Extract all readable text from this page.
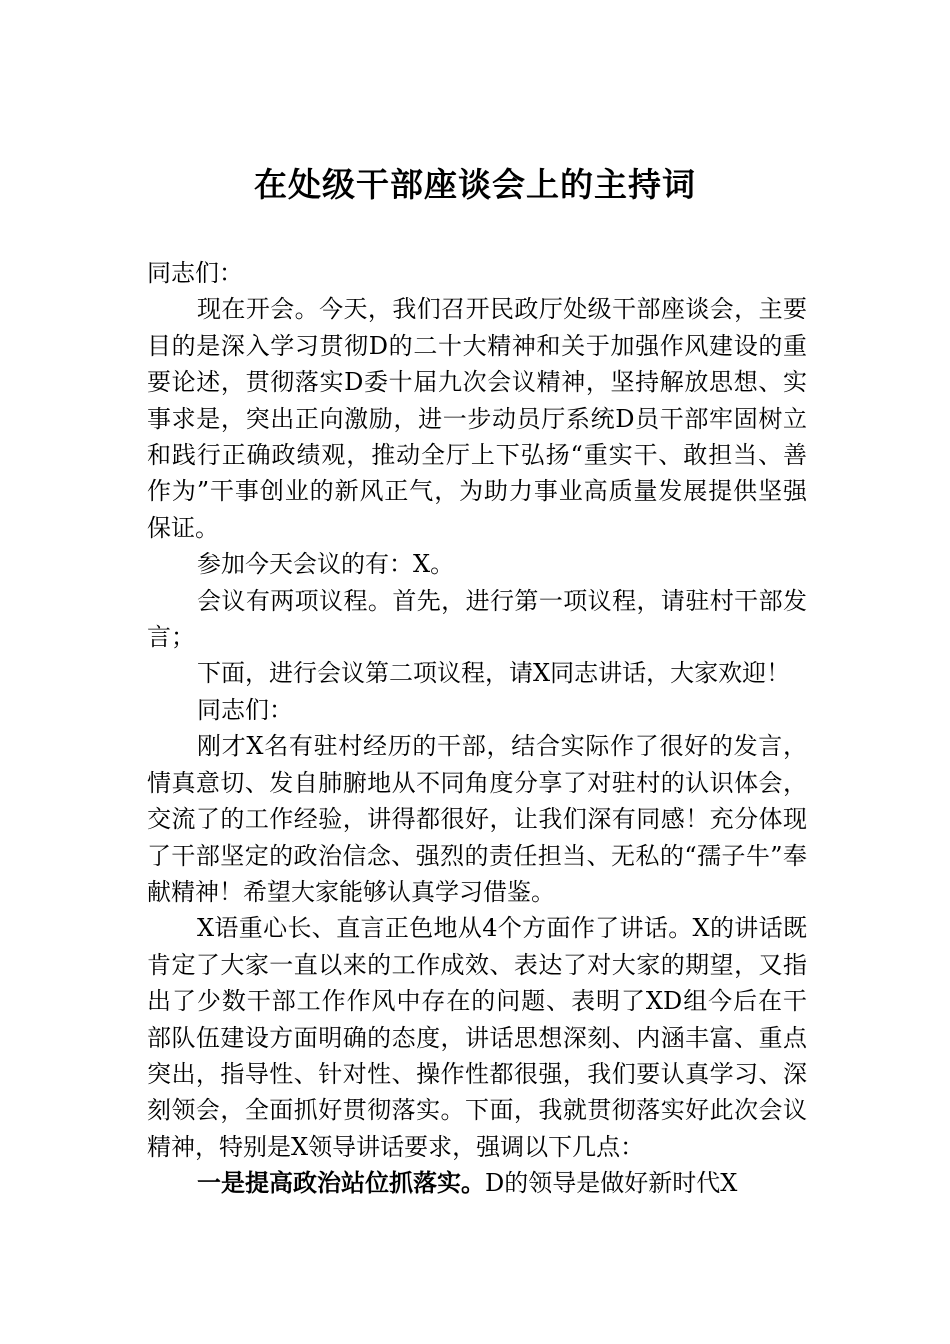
在处级干部座谈会上的主持词

同志们：

现在开会。今天，我们召开民政厅处级干部座谈会，主要目的是深入学习贯彻D的二十大精神和关于加强作风建设的重要论述，贯彻落实D委十届九次会议精神，坚持解放思想、实事求是，突出正向激励，进一步动员厅系统D员干部牢固树立和践行正确政绩观，推动全厅上下弘扬“重实干、敢担当、善作为”干事创业的新风正气，为助力事业高质量发展提供坚强保证。

参加今天会议的有：X。

会议有两项议程。首先，进行第一项议程，请驻村干部发言；

下面，进行会议第二项议程，请X同志讲话，大家欢迎！

同志们：

刚才X名有驻村经历的干部，结合实际作了很好的发言，情真意切、发自肺腑地从不同角度分享了对驻村的认识体会，交流了的工作经验，讲得都很好，让我们深有同感！充分体现了干部坚定的政治信念、强烈的责任担当、无私的“孺子牛”奉献精神！希望大家能够认真学习借鉴。

X语重心长、直言正色地从4个方面作了讲话。X的讲话既肯定了大家一直以来的工作成效、表达了对大家的期望，又指出了少数干部工作作风中存在的问题、表明了XD组今后在干部队伍建设方面明确的态度，讲话思想深刻、内涵丰富、重点突出，指导性、针对性、操作性都很强，我们要认真学习、深刻领会，全面抓好贯彻落实。下面，我就贯彻落实好此次会议精神，特别是X领导讲话要求，强调以下几点：

一是提高政治站位抓落实。D的领导是做好新时代X
